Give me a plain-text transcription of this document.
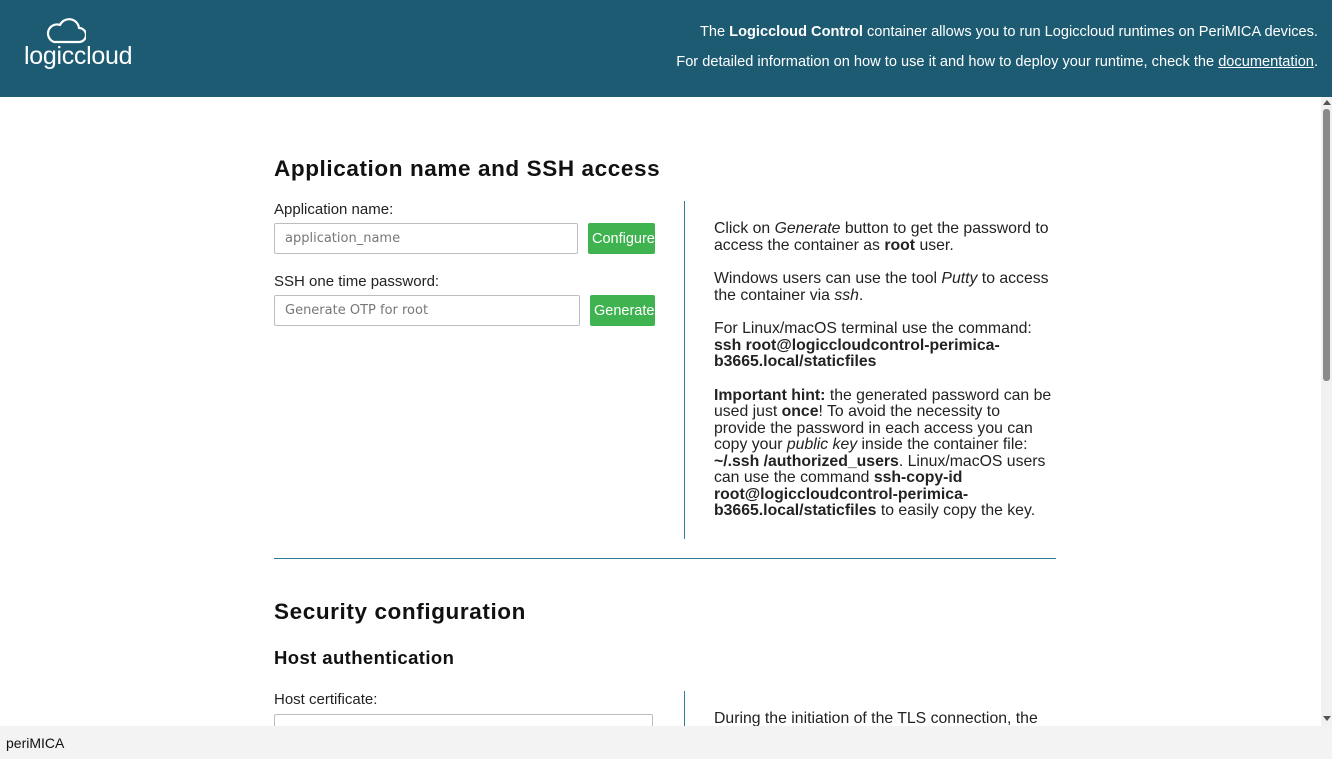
logiccloud
The Logiccloud Control container allows you to run Logiccloud runtimes on PeriMICA devices.
For detailed information on how to use it and how to deploy your runtime, check the documentation.
Application name and SSH access
Application name:
application_name
Configure
SSH one time password:
Generate OTP for root
Generate

Click on Generate button to get the password to access the container as root user.

Windows users can use the tool Putty to access the container via ssh.

For Linux/macOS terminal use the command: ssh root@logiccloudcontrol-perimica-b3665.local/staticfiles

Important hint: the generated password can be used just once! To avoid the necessity to provide the password in each access you can copy your public key inside the container file: ~/.ssh /authorized_users. Linux/macOS users can use the command ssh-copy-id root@logiccloudcontrol-perimica-b3665.local/staticfiles to easily copy the key.

Security configuration
Host authentication
Host certificate:
During the initiation of the TLS connection, the
periMICA
